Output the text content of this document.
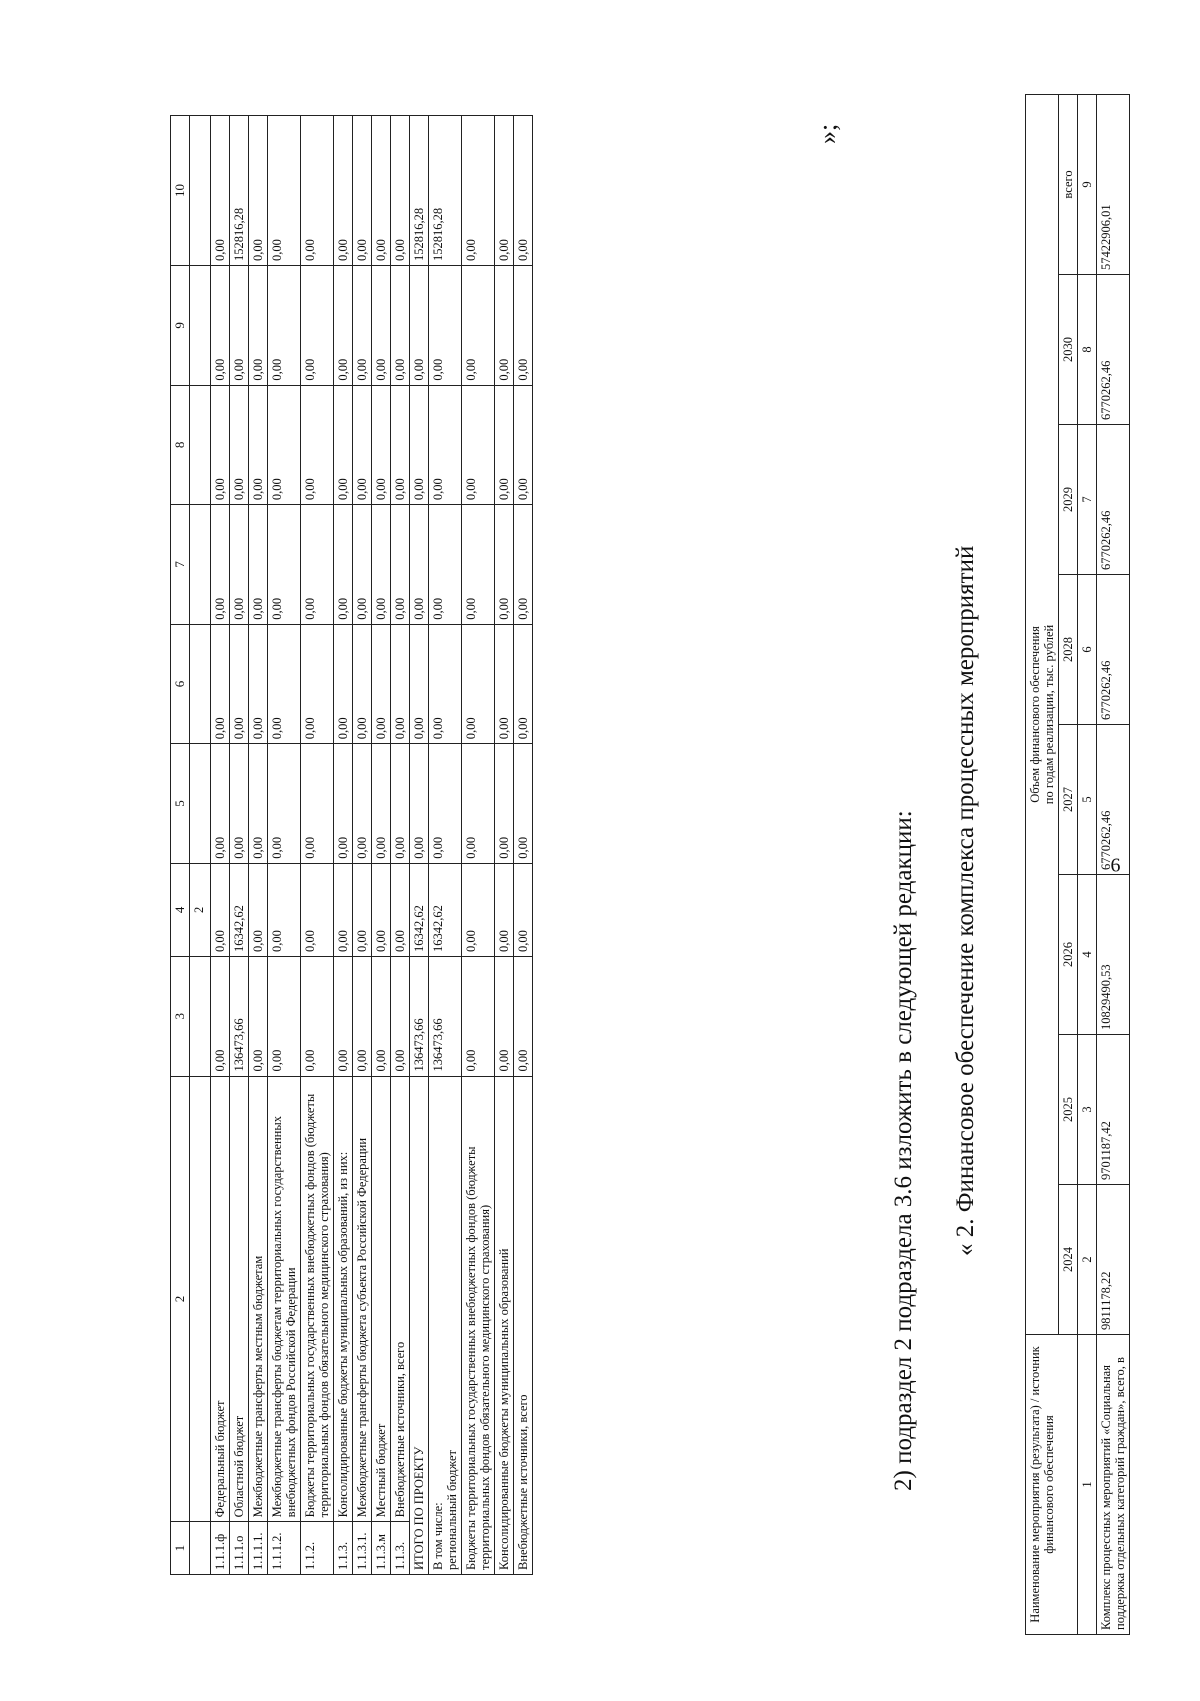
6
1	2	3	4	5	6	7	8	9	10
			2						
1.1.1.ф	Федеральный бюджет	0,00	0,00	0,00	0,00	0,00	0,00	0,00	0,00
1.1.1.о	Областной бюджет	136473,66	16342,62	0,00	0,00	0,00	0,00	0,00	152816,28
1.1.1.1.	Межбюджетные трансферты местным бюджетам	0,00	0,00	0,00	0,00	0,00	0,00	0,00	0,00
1.1.1.2.	Межбюджетные трансферты бюджетам территориальных государственных внебюджетных фондов Российской Федерации	0,00	0,00	0,00	0,00	0,00	0,00	0,00	0,00
1.1.2.	Бюджеты территориальных государственных внебюджетных фондов (бюджеты территориальных фондов обязательного медицинского страхования)	0,00	0,00	0,00	0,00	0,00	0,00	0,00	0,00
1.1.3.	Консолидированные бюджеты муниципальных образований, из них:	0,00	0,00	0,00	0,00	0,00	0,00	0,00	0,00
1.1.3.1.	Межбюджетные трансферты бюджета субъекта Российской Федерации	0,00	0,00	0,00	0,00	0,00	0,00	0,00	0,00
1.1.3.м	Местный бюджет	0,00	0,00	0,00	0,00	0,00	0,00	0,00	0,00
1.1.3.	Внебюджетные источники, всего	0,00	0,00	0,00	0,00	0,00	0,00	0,00	0,00
ИТОГО ПО ПРОЕКТУ		136473,66	16342,62	0,00	0,00	0,00	0,00	0,00	152816,28

В том числе: региональный бюджет		136473,66	16342,62	0,00	0,00	0,00	0,00	0,00	152816,28
Бюджеты территориальных государственных внебюджетных фондов (бюджеты территориальных фондов обязательного медицинского страхования)		0,00	0,00	0,00	0,00	0,00	0,00	0,00	0,00
Консолидированные бюджеты муниципальных образований		0,00	0,00	0,00	0,00	0,00	0,00	0,00	0,00
Внебюджетные источники, всего		0,00	0,00	0,00	0,00	0,00	0,00	0,00	0,00
»;
2) подраздел 2 подраздела 3.6 изложить в следующей редакции: « 2. Финансовое обеспечение комплекса процессных мероприятий
Наименование мероприятия (результата) / источник финансового обеспечения	Объем финансового обеспечения
по годам реализации, тыс. рублей							
	2024	2025	2026	2027	2028	2029	2030	всего
1	2	3	4	5	6	7	8	9
Комплекс процессных мероприятий «Социальная поддержка отдельных категорий граждан», всего, в	9811178,22	9701187,42	10829490,53	6770262,46	6770262,46	6770262,46	6770262,46	57422906,01
